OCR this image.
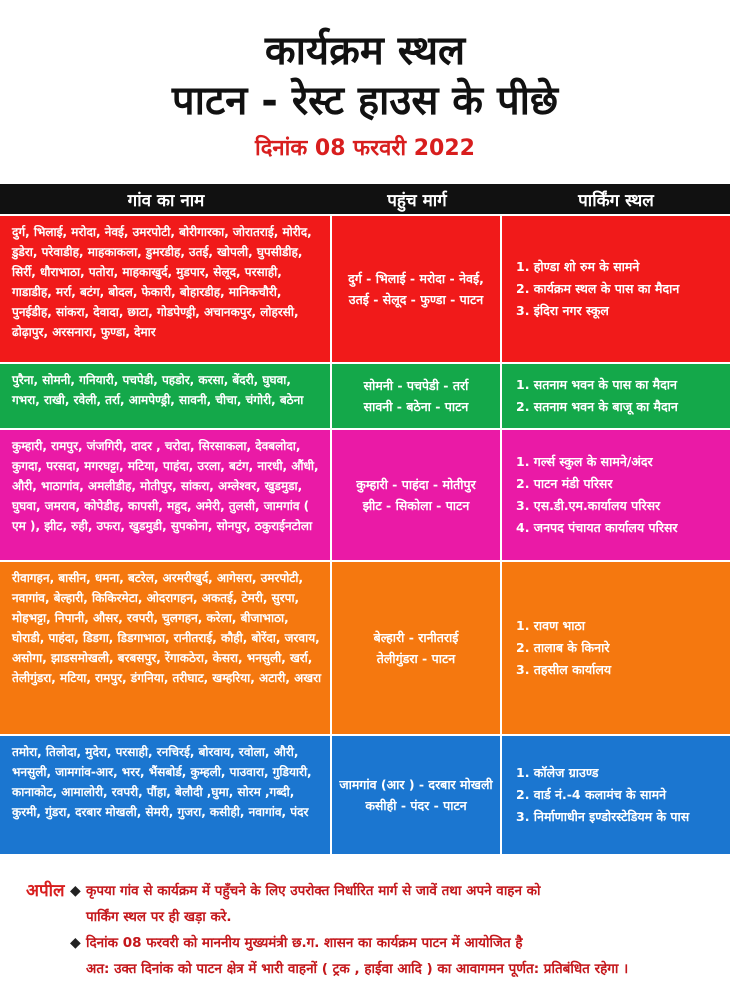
कार्यक्रम स्थल
पाटन - रेस्ट हाउस के पीछे
दिनांक 08 फरवरी 2022
गांव का नाम	पहुंच मार्ग	पार्किंग स्थल
दुर्ग, भिलाई, मरोदा, नेवई, उमरपोटी, बोरीगारका, जोरातराई, मोरीद, डुडेरा, परेवाडीह, माहकाकला, डुमरडीह, उतई, खोपली, घुपसीडीह, सिर्री, धौराभाठा, पतोरा, माहकाखुर्द, मुडपार, सेलूद, परसाही, गाडाडीह, मर्रा, बटंग, बोदल, फेकारी, बोहारडीह, मानिकचौरी, पुनईडीह, सांकरा, देवादा, छाटा, गोडपेण्ड्री, अचानकपुर, लोहरसी, ढोढ़ापुर, अरसनारा, फुण्डा, देमार
दुर्ग - भिलाई - मरोदा - नेवई,
उतई - सेलूद - फुण्डा - पाटन
1. होण्डा शो रुम के सामने
2. कार्यक्रम स्थल के पास का मैदान
3. इंदिरा नगर स्कूल
पुरैना, सोमनी, गनियारी, पचपेडी, पहडोर, करसा, बेंदरी, घुघवा, गभरा, राखी, रवेली, तर्रा, आमपेण्ड्री, सावनी, चीचा, चंगोरी, बठेना
सोमनी - पचपेडी - तर्रा
सावनी - बठेना - पाटन
1. सतनाम भवन के पास का मैदान
2. सतनाम भवन के बाजू का मैदान
कुम्हारी, रामपुर, जंजगिरी, दादर , चरोदा, सिरसाकला, देवबलोदा, कुगदा, परसदा, मगरघट्टा, मटिया, पाहंदा, उरला, बटंग, नारधी, औंधी, औरी, भाठागांव, अमलीडीह, मोतीपुर, सांकरा, अम्लेश्वर, खुडमुडा, घुघवा, जमराव, कोपेडीह, कापसी, महुद, अमेरी, तुलसी, जामगांव ( एम ), झीट, रुही, उफरा, खुडमुडी, सुपकोना, सोनपुर, ठकुराईनटोला
कुम्हारी - पाहंदा - मोतीपुर
झीट - सिकोला - पाटन
1. गर्ल्स स्कुल के सामने/अंदर
2. पाटन मंडी परिसर
3. एस.डी.एम.कार्यालय परिसर
4. जनपद पंचायत कार्यालय परिसर
रीवागहन, बासीन, धमना, बटरेल, अरमरीखुर्द, आगेसरा, उमरपोटी, नवागांव, बेल्हारी, किकिरमेटा, ओदरागहन, अकतई, टेमरी, सुरपा, मोहभट्टा, निपानी, औसर, रवपरी, चुलगहन, करेला, बीजाभाठा, घोराडी, पाहंदा, डिडगा, डिडगाभाठा, रानीतराई, कौही, बोरेंदा, जरवाय, असोगा, झाडसमोखली, बरबसपुर, रेंगाकठेरा, केसरा, भनसुली, खर्रा, तेलीगुंडरा, मटिया, रामपुर, डंगनिया, तरीघाट, खम्हरिया, अटारी, अखरा
बेल्हारी - रानीतराई
तेलीगुंडरा - पाटन
1. रावण भाठा
2. तालाब के किनारे
3. तहसील कार्यालय
तमोरा, तिलोदा, मुदेरा, परसाही, रनचिरई, बोरवाय, रवोला, औरी, भनसुली, जामगांव-आर, भरर, भैंसबोर्ड, कुम्हली, पाउवारा, गुडियारी, कानाकोट, आमालोरी, रवपरी, पौंहा, बेलौदी ,घुमा, सोरम ,गब्दी, कुरमी, गुंडरा, दरबार मोखली, सेमरी, गुजरा, कसीही, नवागांव, पंदर
जामगांव (आर ) - दरबार मोखली
कसीही - पंदर - पाटन
1. कॉलेज ग्राउण्ड
2. वार्ड नं.-4 कलामंच के सामने
3. निर्माणाधीन इण्डोरस्टेडियम के पास
अपील ◆ कृपया गांव से कार्यक्रम में पहुँचने के लिए उपरोक्त निर्धारित मार्ग से जावें तथा अपने वाहन को
पार्किंग स्थल पर ही खड़ा करे.
◆ दिनांक 08 फरवरी को माननीय मुख्यमंत्री छ.ग. शासन का कार्यक्रम पाटन में आयोजित है
अत: उक्त दिनांक को पाटन क्षेत्र में भारी वाहनों ( ट्रक , हाईवा आदि ) का आवागमन पूर्णत: प्रतिबंधित रहेगा ।
